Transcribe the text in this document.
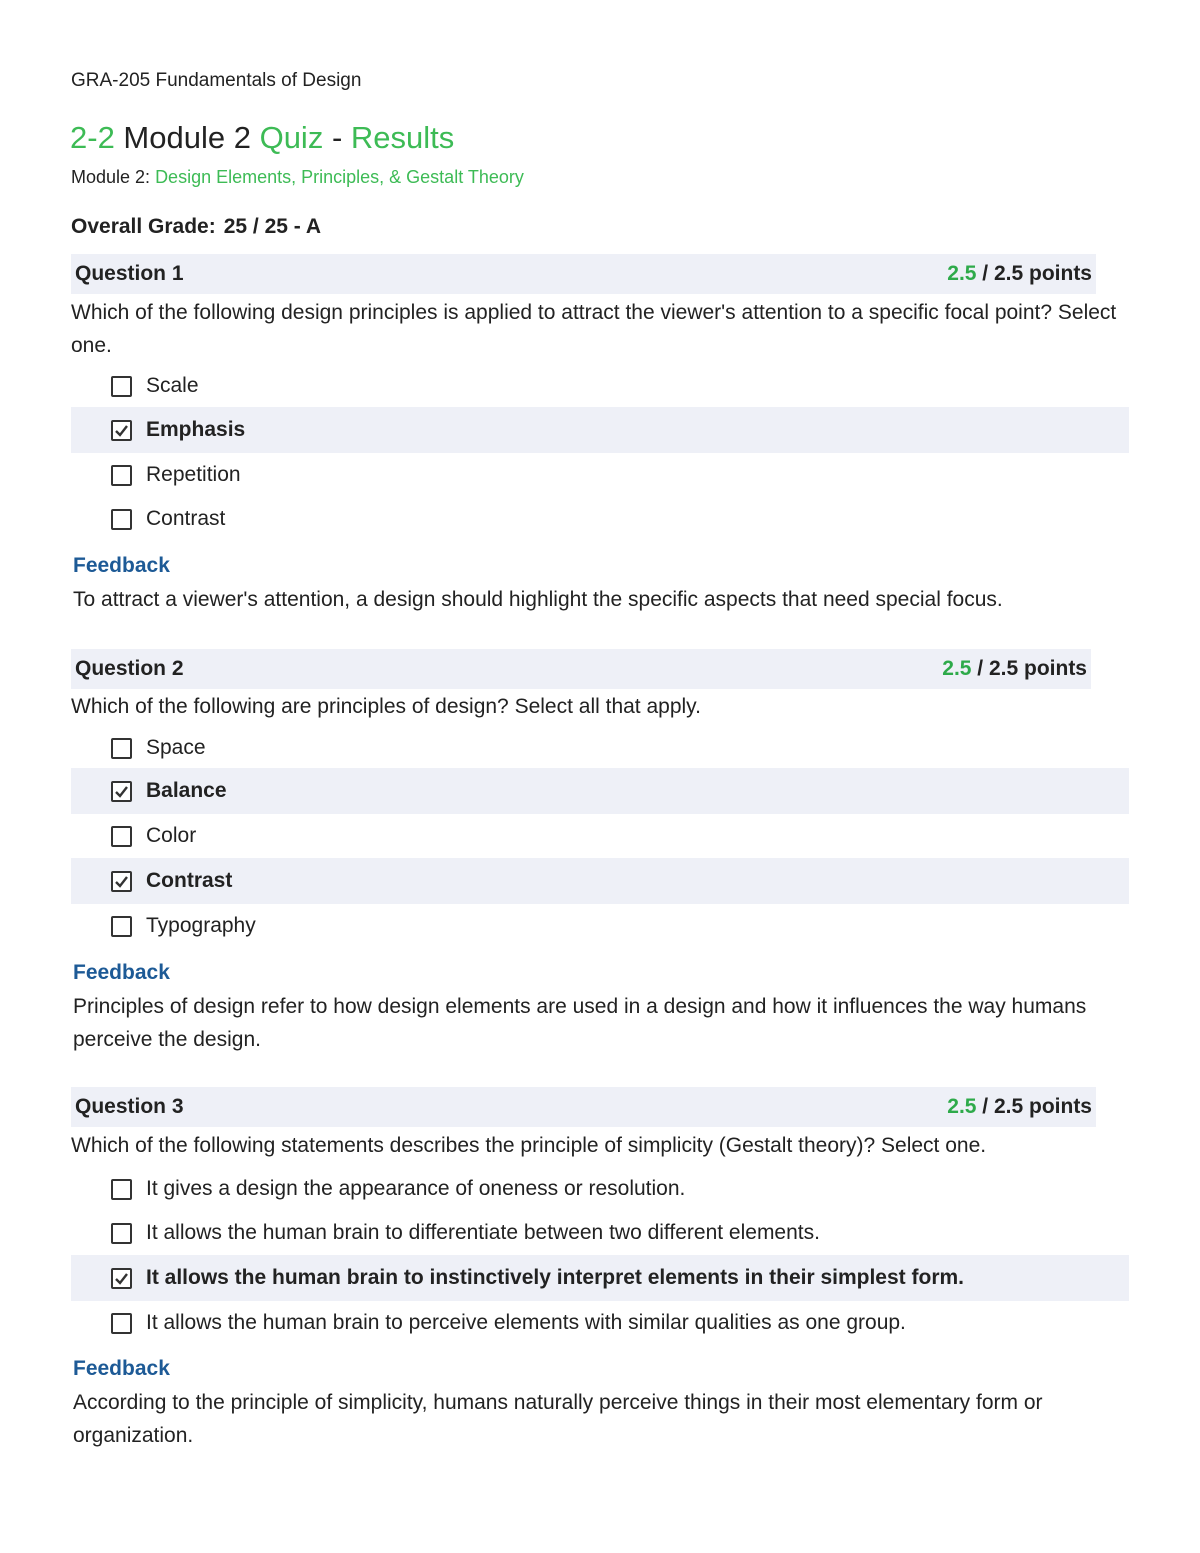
GRA-205 Fundamentals of Design
2-2 Module 2 Quiz - Results
Module 2: Design Elements, Principles, & Gestalt Theory
Overall Grade: 25 / 25 - A
Question 1	2.5 / 2.5 points
Which of the following design principles is applied to attract the viewer's attention to a specific focal point? Select one.
Scale
Emphasis
Repetition
Contrast
Feedback
To attract a viewer's attention, a design should highlight the specific aspects that need special focus.
Question 2	2.5 / 2.5 points
Which of the following are principles of design? Select all that apply.
Space
Balance
Color
Contrast
Typography
Feedback
Principles of design refer to how design elements are used in a design and how it influences the way humans perceive the design.
Question 3	2.5 / 2.5 points
Which of the following statements describes the principle of simplicity (Gestalt theory)? Select one.
It gives a design the appearance of oneness or resolution.
It allows the human brain to differentiate between two different elements.
It allows the human brain to instinctively interpret elements in their simplest form.
It allows the human brain to perceive elements with similar qualities as one group.
Feedback
According to the principle of simplicity, humans naturally perceive things in their most elementary form or organization.
